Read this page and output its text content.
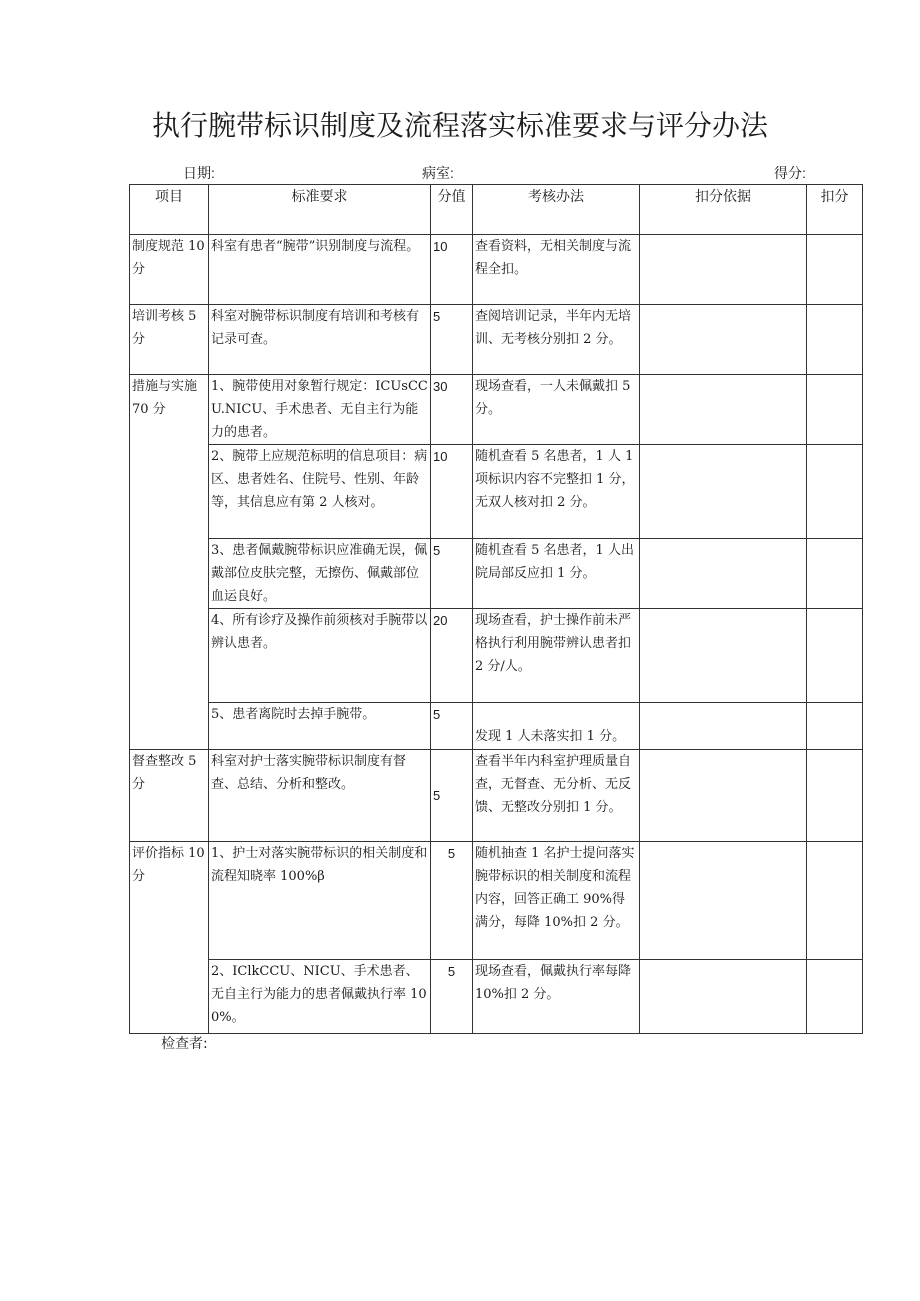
执行腕带标识制度及流程落实标准要求与评分办法
日期:	病室:	得分:
项目	标准要求	分值	考核办法	扣分依据	扣分
制度规范 10 分	科室有患者“腕带”识别制度与流程。	10	查看资料，无相关制度与流程全扣。		
培训考核 5 分	科室对腕带标识制度有培训和考核有记录可查。	5	查阅培训记录，半年内无培训、无考核分别扣 2 分。		
措施与实施 70 分	1、腕带使用对象暂行规定：ICUsCCU.NICU、手术患者、无自主行为能力的患者。	30	现场查看，一人未佩戴扣 5 分。		
	2、腕带上应规范标明的信息项目：病区、患者姓名、住院号、性别、年龄等，其信息应有第 2 人核对。	10	随机查看 5 名患者，1 人 1 项标识内容不完整扣 1 分，无双人核对扣 2 分。		
	3、患者佩戴腕带标识应准确无误，佩戴部位皮肤完整，无擦伤、佩戴部位血运良好。	5	随机查看 5 名患者，1 人出院局部反应扣 1 分。		
	4、所有诊疗及操作前须核对手腕带以辨认患者。	20	现场查看，护士操作前未严格执行利用腕带辨认患者扣 2 分/人。		
	5、患者离院时去掉手腕带。	5	发现 1 人未落实扣 1 分。		
督查整改 5 分	科室对护士落实腕带标识制度有督查、总结、分析和整改。	5	查看半年内科室护理质量自查，无督查、无分析、无反馈、无整改分别扣 1 分。		
评价指标 10 分	1、护士对落实腕带标识的相关制度和流程知晓率 100%β	5	随机抽查 1 名护士提问落实腕带标识的相关制度和流程内容，回答正确工 90%得满分，每降 10%扣 2 分。		
	2、IClkCCU、NICU、手术患者、无自主行为能力的患者佩戴执行率 100%。	5	现场查看，佩戴执行率每降 10%扣 2 分。		
检查者:
